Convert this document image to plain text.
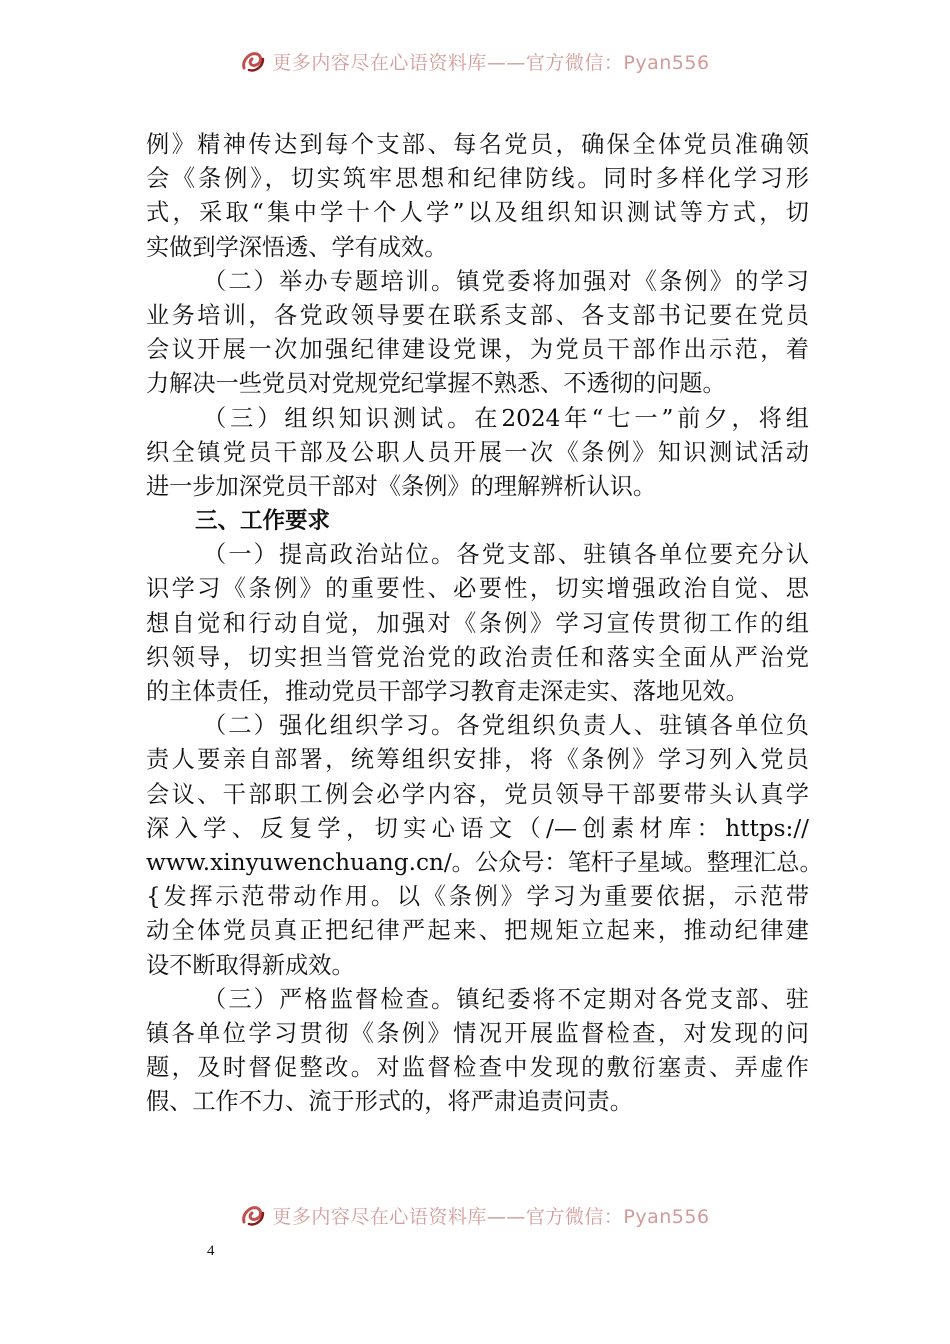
更多内容尽在心语资料库——官方微信：Pyan556
例》精神传达到每个支部、每名党员，确保全体党员准确领
会《条例》，切实筑牢思想和纪律防线。同时多样化学习形
式，采取“集中学十个人学”以及组织知识测试等方式，切
实做到学深悟透、学有成效。
（二）举办专题培训。镇党委将加强对《条例》的学习
业务培训，各党政领导要在联系支部、各支部书记要在党员
会议开展一次加强纪律建设党课，为党员干部作出示范，着
力解决一些党员对党规党纪掌握不熟悉、不透彻的问题。
（三）组织知识测试。在2024年“七一”前夕，将组
织全镇党员干部及公职人员开展一次《条例》知识测试活动
进一步加深党员干部对《条例》的理解辨析认识。
三、工作要求
（一）提高政治站位。各党支部、驻镇各单位要充分认
识学习《条例》的重要性、必要性，切实增强政治自觉、思
想自觉和行动自觉，加强对《条例》学习宣传贯彻工作的组
织领导，切实担当管党治党的政治责任和落实全面从严治党
的主体责任，推动党员干部学习教育走深走实、落地见效。
（二）强化组织学习。各党组织负责人、驻镇各单位负
责人要亲自部署，统筹组织安排，将《条例》学习列入党员
会议、干部职工例会必学内容，党员领导干部要带头认真学
深入学、反复学，切实心语文（/—创素材库：https://
www.xinyuwenchuang.cn/。公众号：笔杆子星域。整理汇总。
{发挥示范带动作用。以《条例》学习为重要依据，示范带
动全体党员真正把纪律严起来、把规矩立起来，推动纪律建
设不断取得新成效。
（三）严格监督检查。镇纪委将不定期对各党支部、驻
镇各单位学习贯彻《条例》情况开展监督检查，对发现的问
题，及时督促整改。对监督检查中发现的敷衍塞责、弄虚作
假、工作不力、流于形式的，将严肃追责问责。
更多内容尽在心语资料库——官方微信：Pyan556
4
